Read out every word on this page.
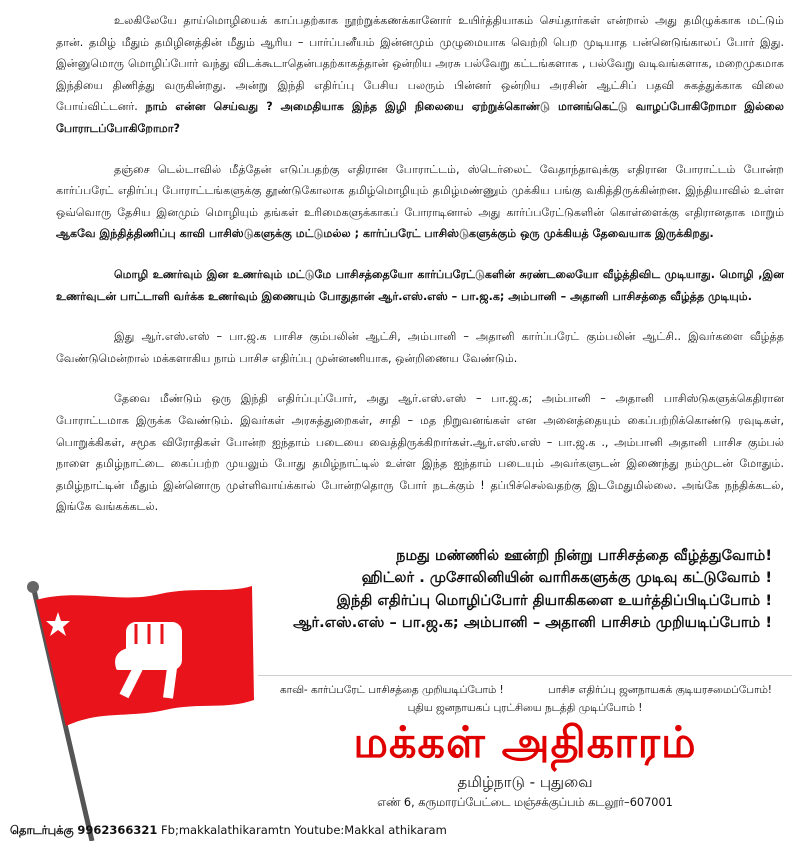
உலகிலேயே தாய்மொழியைக் காப்பதற்காக நூற்றுக்கணக்கானோர் உயிர்த்தியாகம் செய்தார்கள் என்றால் அது தமிழுக்காக மட்டும் தான். தமிழ் மீதும் தமிழினத்தின் மீதும் ஆரிய – பார்ப்பனீயம் இன்னமும் முழுமையாக வெற்றி பெற முடியாத பன்னெடுங்காலப் போர் இது. இன்னுமொரு மொழிப்போர் வந்து விடக்கூடாதென்பதற்காகத்தான் ஒன்றிய அரசு பல்வேறு கட்டங்களாக , பல்வேறு வடிவங்களாக, மறைமுகமாக இந்தியை திணித்து வருகின்றது. அன்று இந்தி எதிர்ப்பு பேசிய பலரும் பின்னர் ஒன்றிய அரசின் ஆட்சிப் பதவி சுகத்துக்காக விலை போய்விட்டனர். நாம் என்ன செய்வது ? அமைதியாக இந்த இழி நிலையை ஏற்றுக்கொண்டு மானங்கெட்டு வாழப்போகிறோமா இல்லை போராடப்போகிறோமா?

தஞ்சை டெல்டாவில் மீத்தேன் எடுப்பதற்கு எதிரான போராட்டம், ஸ்டெர்லைட் வேதாந்தாவுக்கு எதிரான போராட்டம் போன்ற கார்ப்பரேட் எதிர்ப்பு போராட்டங்களுக்கு தூண்டுகோலாக தமிழ்மொழியும் தமிழ்மண்ணும் முக்கிய பங்கு வகித்திருக்கின்றன. இந்தியாவில் உள்ள ஒவ்வொரு தேசிய இனமும் மொழியும் தங்கள் உரிமைகளுக்காகப் போராடினால் அது கார்ப்பரேட்டுகளின் கொள்ளைக்கு எதிரானதாக மாறும் ஆகவே இந்தித்திணிப்பு காவி பாசிஸ்டுகளுக்கு மட்டுமல்ல ; கார்ப்பரேட் பாசிஸ்டுகளுக்கும் ஒரு முக்கியத் தேவையாக இருக்கிறது.

மொழி உணர்வும் இன உணர்வும் மட்டுமே பாசிசத்தையோ கார்ப்பரேட்டுகளின் சுரண்டலையோ வீழ்த்திவிட முடியாது. மொழி ,இன உணர்வுடன் பாட்டாளி வர்க்க உணர்வும் இணையும் போதுதான் ஆர்.எஸ்.எஸ் – பா.ஜ.க; அம்பானி – அதானி பாசிசத்தை வீழ்த்த முடியும்.

இது ஆர்.எஸ்.எஸ் – பா.ஜ.க பாசிச கும்பலின் ஆட்சி, அம்பானி – அதானி கார்ப்பரேட் கும்பலின் ஆட்சி.. இவர்களை வீழ்த்த வேண்டுமென்றால் மக்களாகிய நாம் பாசிச எதிர்ப்பு முன்னணியாக, ஒன்றிணைய வேண்டும்.

தேவை மீண்டும் ஒரு இந்தி எதிர்ப்புப்போர், அது ஆர்.எஸ்.எஸ் – பா.ஜ.க; அம்பானி – அதானி பாசிஸ்டுகளுக்கெதிரான போராட்டமாக இருக்க வேண்டும். இவர்கள் அரசுத்துறைகள், சாதி – மத நிறுவனங்கள் என அனைத்தையும் கைப்பற்றிக்கொண்டு ரவுடிகள், பொறுக்கிகள், சமூக விரோதிகள் போன்ற ஐந்தாம் படையை வைத்திருக்கிறார்கள்.ஆர்.எஸ்.எஸ் – பா.ஜ.க ., அம்பானி அதானி பாசிச கும்பல் நாளை தமிழ்நாட்டை கைப்பற்ற முயலும் போது தமிழ்நாட்டில் உள்ள இந்த ஐந்தாம் படையும் அவர்களுடன் இணைந்து நம்முடன் மோதும். தமிழ்நாட்டின் மீதும் இன்னொரு முள்ளிவாய்க்கால் போன்றதொரு போர் நடக்கும் ! தப்பிச்செல்வதற்கு இடமேதுமில்லை. அங்கே நந்திக்கடல், இங்கே வங்கக்கடல்.

நமது மண்ணில் ஊன்றி நின்று பாசிசத்தை வீழ்த்துவோம்!
ஹிட்லர் . முசோலினியின் வாரிசுகளுக்கு முடிவு கட்டுவோம் !
இந்தி எதிர்ப்பு மொழிப்போர் தியாகிகளை உயர்த்திப்பிடிப்போம் !
ஆர்.எஸ்.எஸ் – பா.ஜ.க; அம்பானி – அதானி பாசிசம் முறியடிப்போம் !
காவி- கார்ப்பரேட் பாசிசத்தை முறியடிப்போம் !	பாசிச எதிர்ப்பு ஜனநாயகக் குடியரசமைப்போம்!
புதிய ஜனநாயகப் புரட்சியை நடத்தி முடிப்போம் !
மக்கள் அதிகாரம்
தமிழ்நாடு - புதுவை
எண் 6, கருமாரப்பேட்டை மஞ்சக்குப்பம் கடலூர்–607001
தொடர்புக்கு 9962366321 Fb;makkalathikaramtn Youtube:Makkal athikaram
